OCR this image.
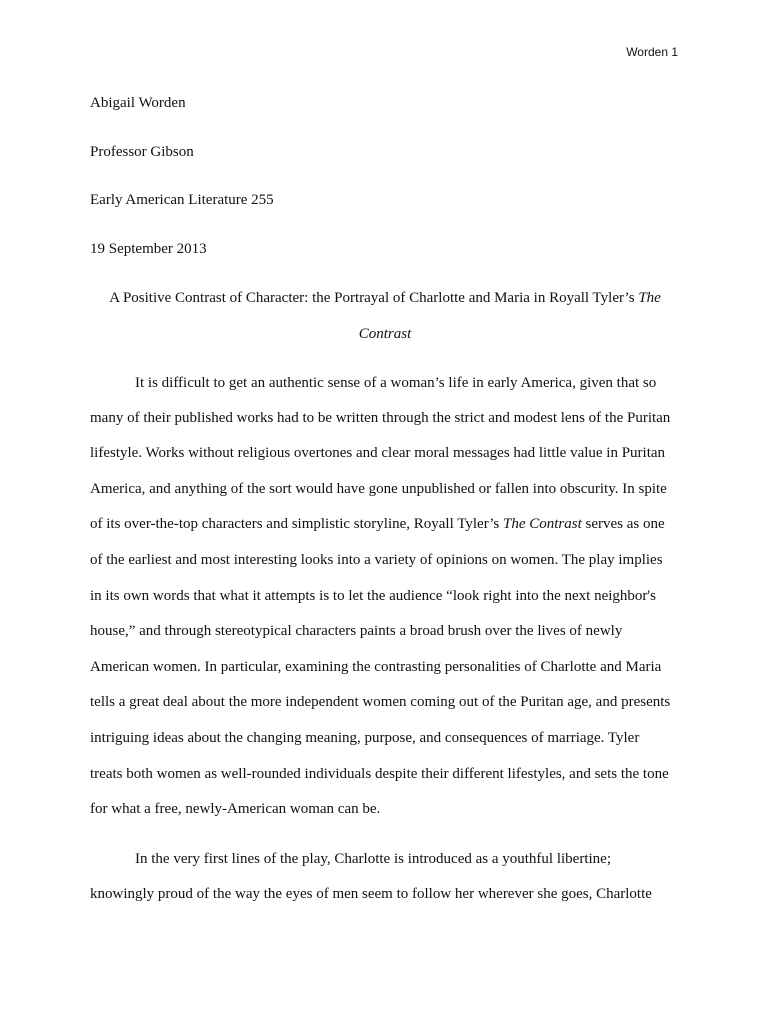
Worden 1
Abigail Worden
Professor Gibson
Early American Literature 255
19 September 2013
A Positive Contrast of Character: the Portrayal of Charlotte and Maria in Royall Tyler’s The
Contrast
It is difficult to get an authentic sense of a woman’s life in early America, given that so
many of their published works had to be written through the strict and modest lens of the Puritan
lifestyle. Works without religious overtones and clear moral messages had little value in Puritan
America, and anything of the sort would have gone unpublished or fallen into obscurity. In spite
of its over-the-top characters and simplistic storyline, Royall Tyler’s The Contrast serves as one
of the earliest and most interesting looks into a variety of opinions on women. The play implies
in its own words that what it attempts is to let the audience “look right into the next neighbor's
house,” and through stereotypical characters paints a broad brush over the lives of newly
American women. In particular, examining the contrasting personalities of Charlotte and Maria
tells a great deal about the more independent women coming out of the Puritan age, and presents
intriguing ideas about the changing meaning, purpose, and consequences of marriage. Tyler
treats both women as well-rounded individuals despite their different lifestyles, and sets the tone
for what a free, newly-American woman can be.
In the very first lines of the play, Charlotte is introduced as a youthful libertine;
knowingly proud of the way the eyes of men seem to follow her wherever she goes, Charlotte
